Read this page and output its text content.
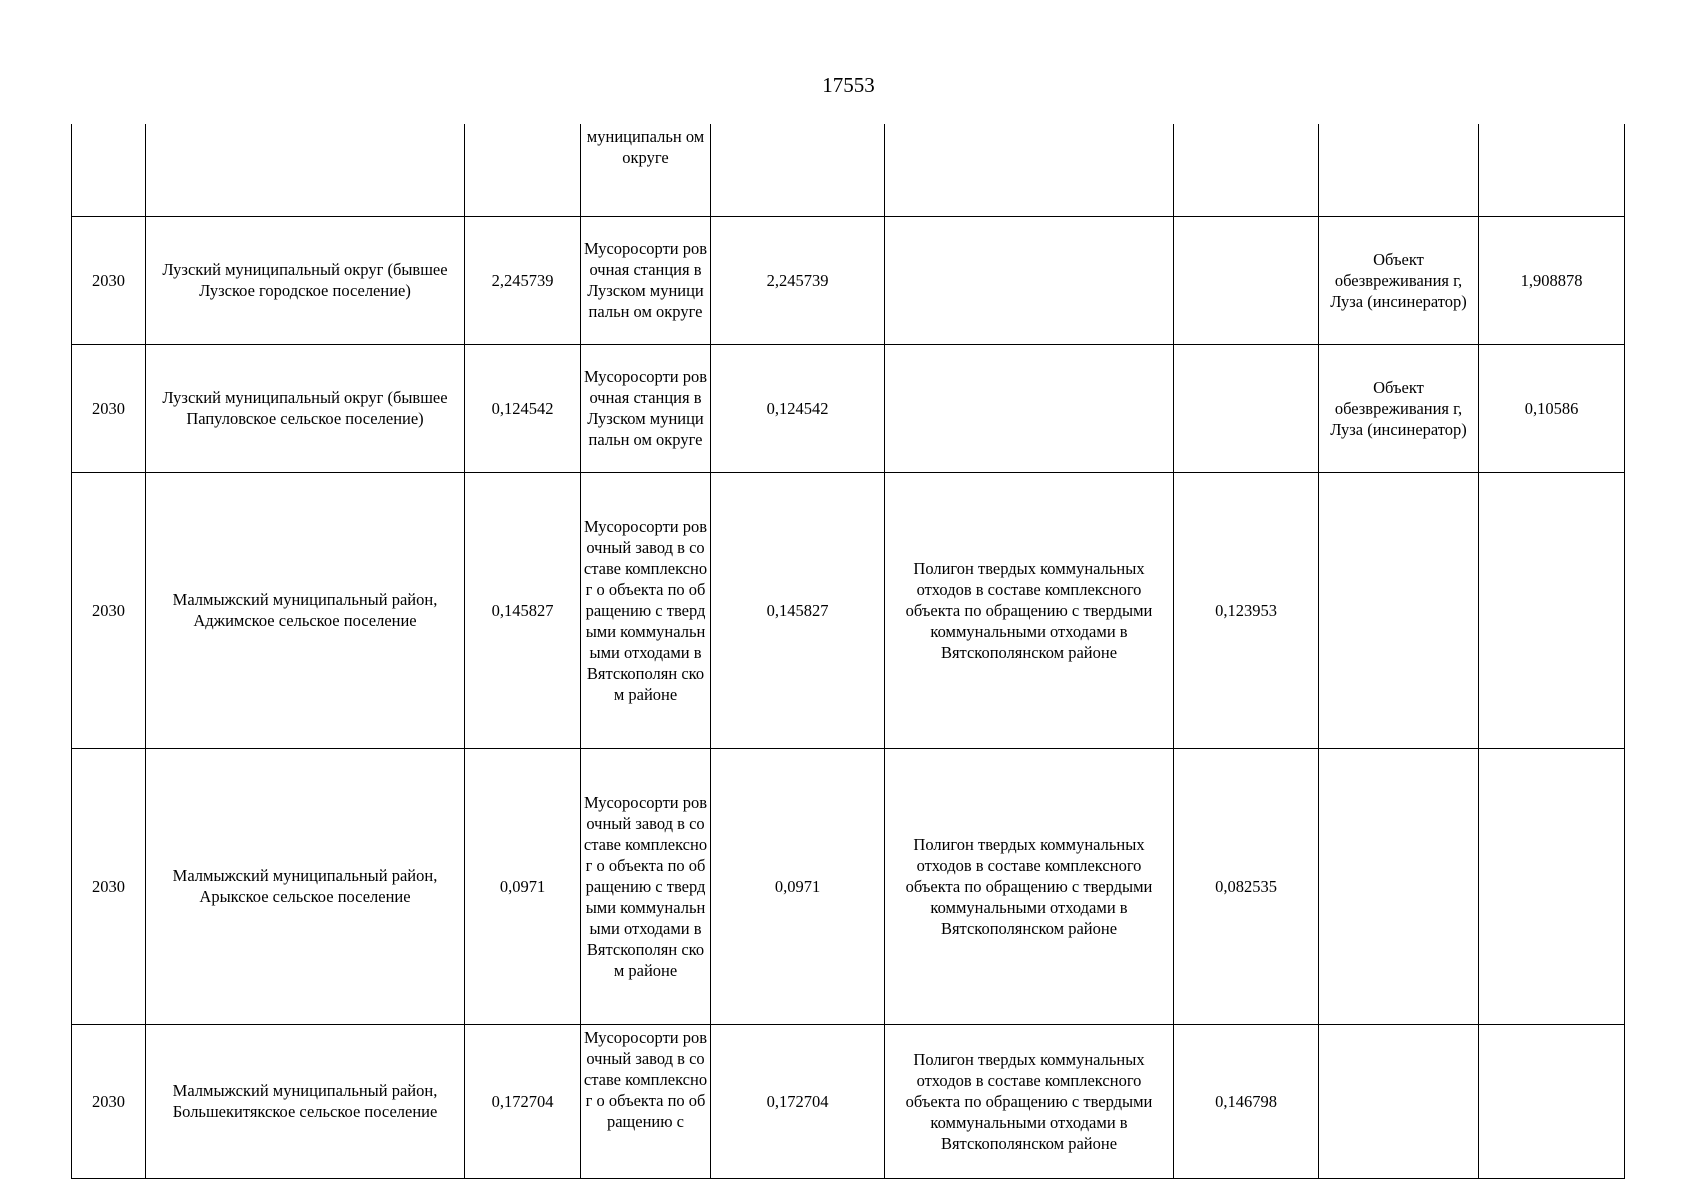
17553
			муниципальн ом округе					
2030	Лузский муниципальный округ (бывшее Лузское городское поселение)	2,245739	Мусоросорти ровочная станция в Лузском муниципальн ом округе	2,245739			Объект обезвреживания г, Луза (инсинератор)	1,908878
2030	Лузский муниципальный округ (бывшее Папуловское сельское поселение)	0,124542	Мусоросорти ровочная станция в Лузском муниципальн ом округе	0,124542			Объект обезвреживания г, Луза (инсинератор)	0,10586
2030	Малмыжский муниципальный район, Аджимское сельское поселение	0,145827	Мусоросорти ровочный завод в составе комплексног о объекта по обращению с твердыми коммунальн ыми отходами в Вятскополян ском районе	0,145827	Полигон твердых коммунальных отходов в составе комплексного объекта по обращению с твердыми коммунальными отходами в Вятскополянском районе	0,123953		
2030	Малмыжский муниципальный район, Арыкское сельское поселение	0,0971	Мусоросорти ровочный завод в составе комплексног о объекта по обращению с твердыми коммунальн ыми отходами в Вятскополян ском районе	0,0971	Полигон твердых коммунальных отходов в составе комплексного объекта по обращению с твердыми коммунальными отходами в Вятскополянском районе	0,082535		
2030	Малмыжский муниципальный район, Большекитякское сельское поселение	0,172704	Мусоросорти ровочный завод в составе комплексног о объекта по обращению с	0,172704	Полигон твердых коммунальных отходов в составе комплексного объекта по обращению с твердыми коммунальными отходами в Вятскополянском районе	0,146798		
